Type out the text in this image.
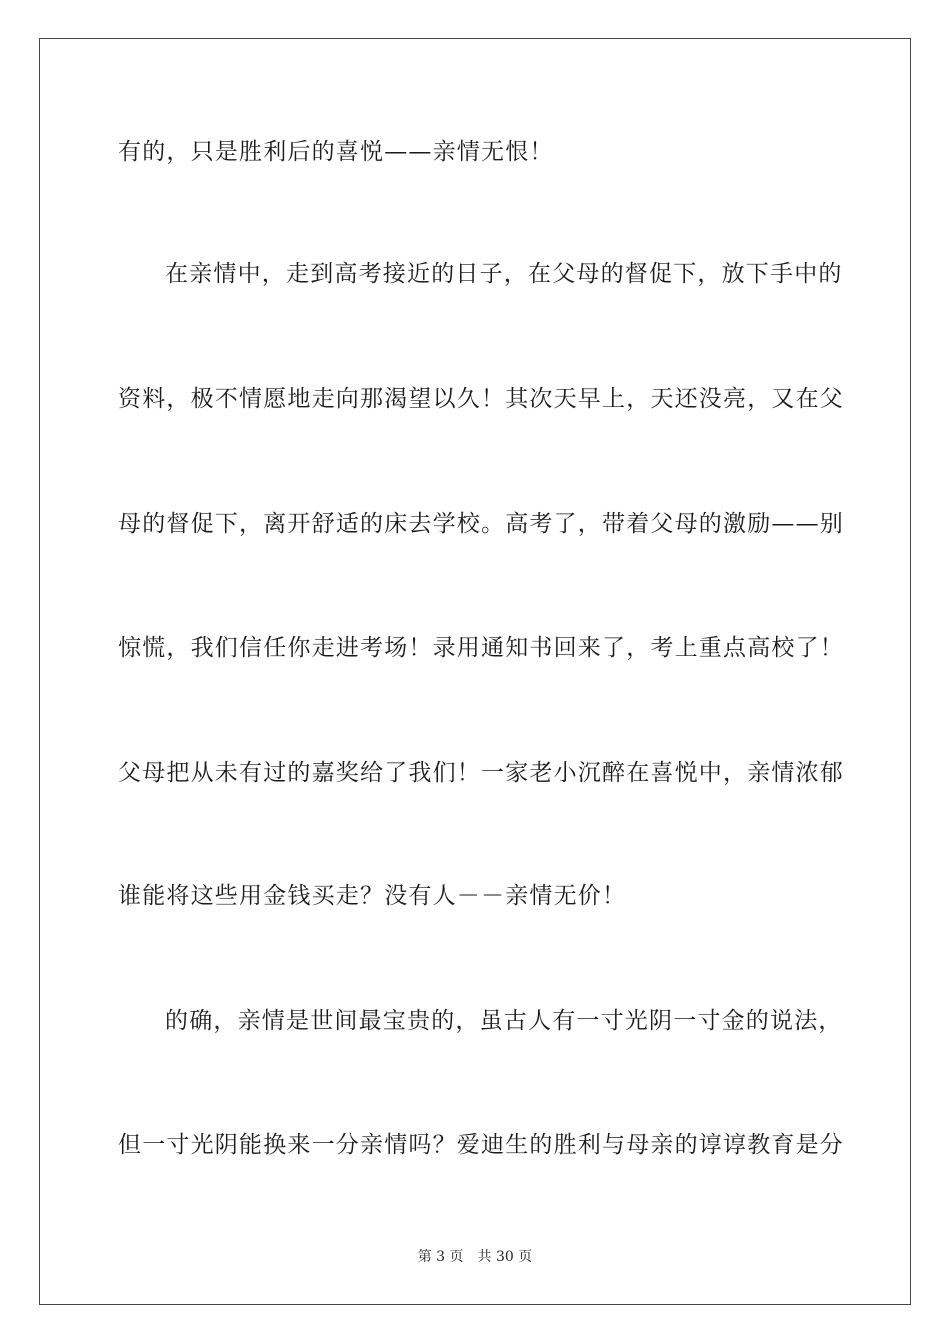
有的，只是胜利后的喜悦——亲情无恨！
在亲情中，走到高考接近的日子，在父母的督促下，放下手中的
资料，极不情愿地走向那渴望以久！其次天早上，天还没亮，又在父
母的督促下，离开舒适的床去学校。高考了，带着父母的激励——别
惊慌，我们信任你走进考场！录用通知书回来了，考上重点高校了！
父母把从未有过的嘉奖给了我们！一家老小沉醉在喜悦中，亲情浓郁
谁能将这些用金钱买走？没有人－－亲情无价！
的确，亲情是世间最宝贵的，虽古人有一寸光阴一寸金的说法，
但一寸光阴能换来一分亲情吗？爱迪生的胜利与母亲的谆谆教育是分
第 3 页 共 30 页
